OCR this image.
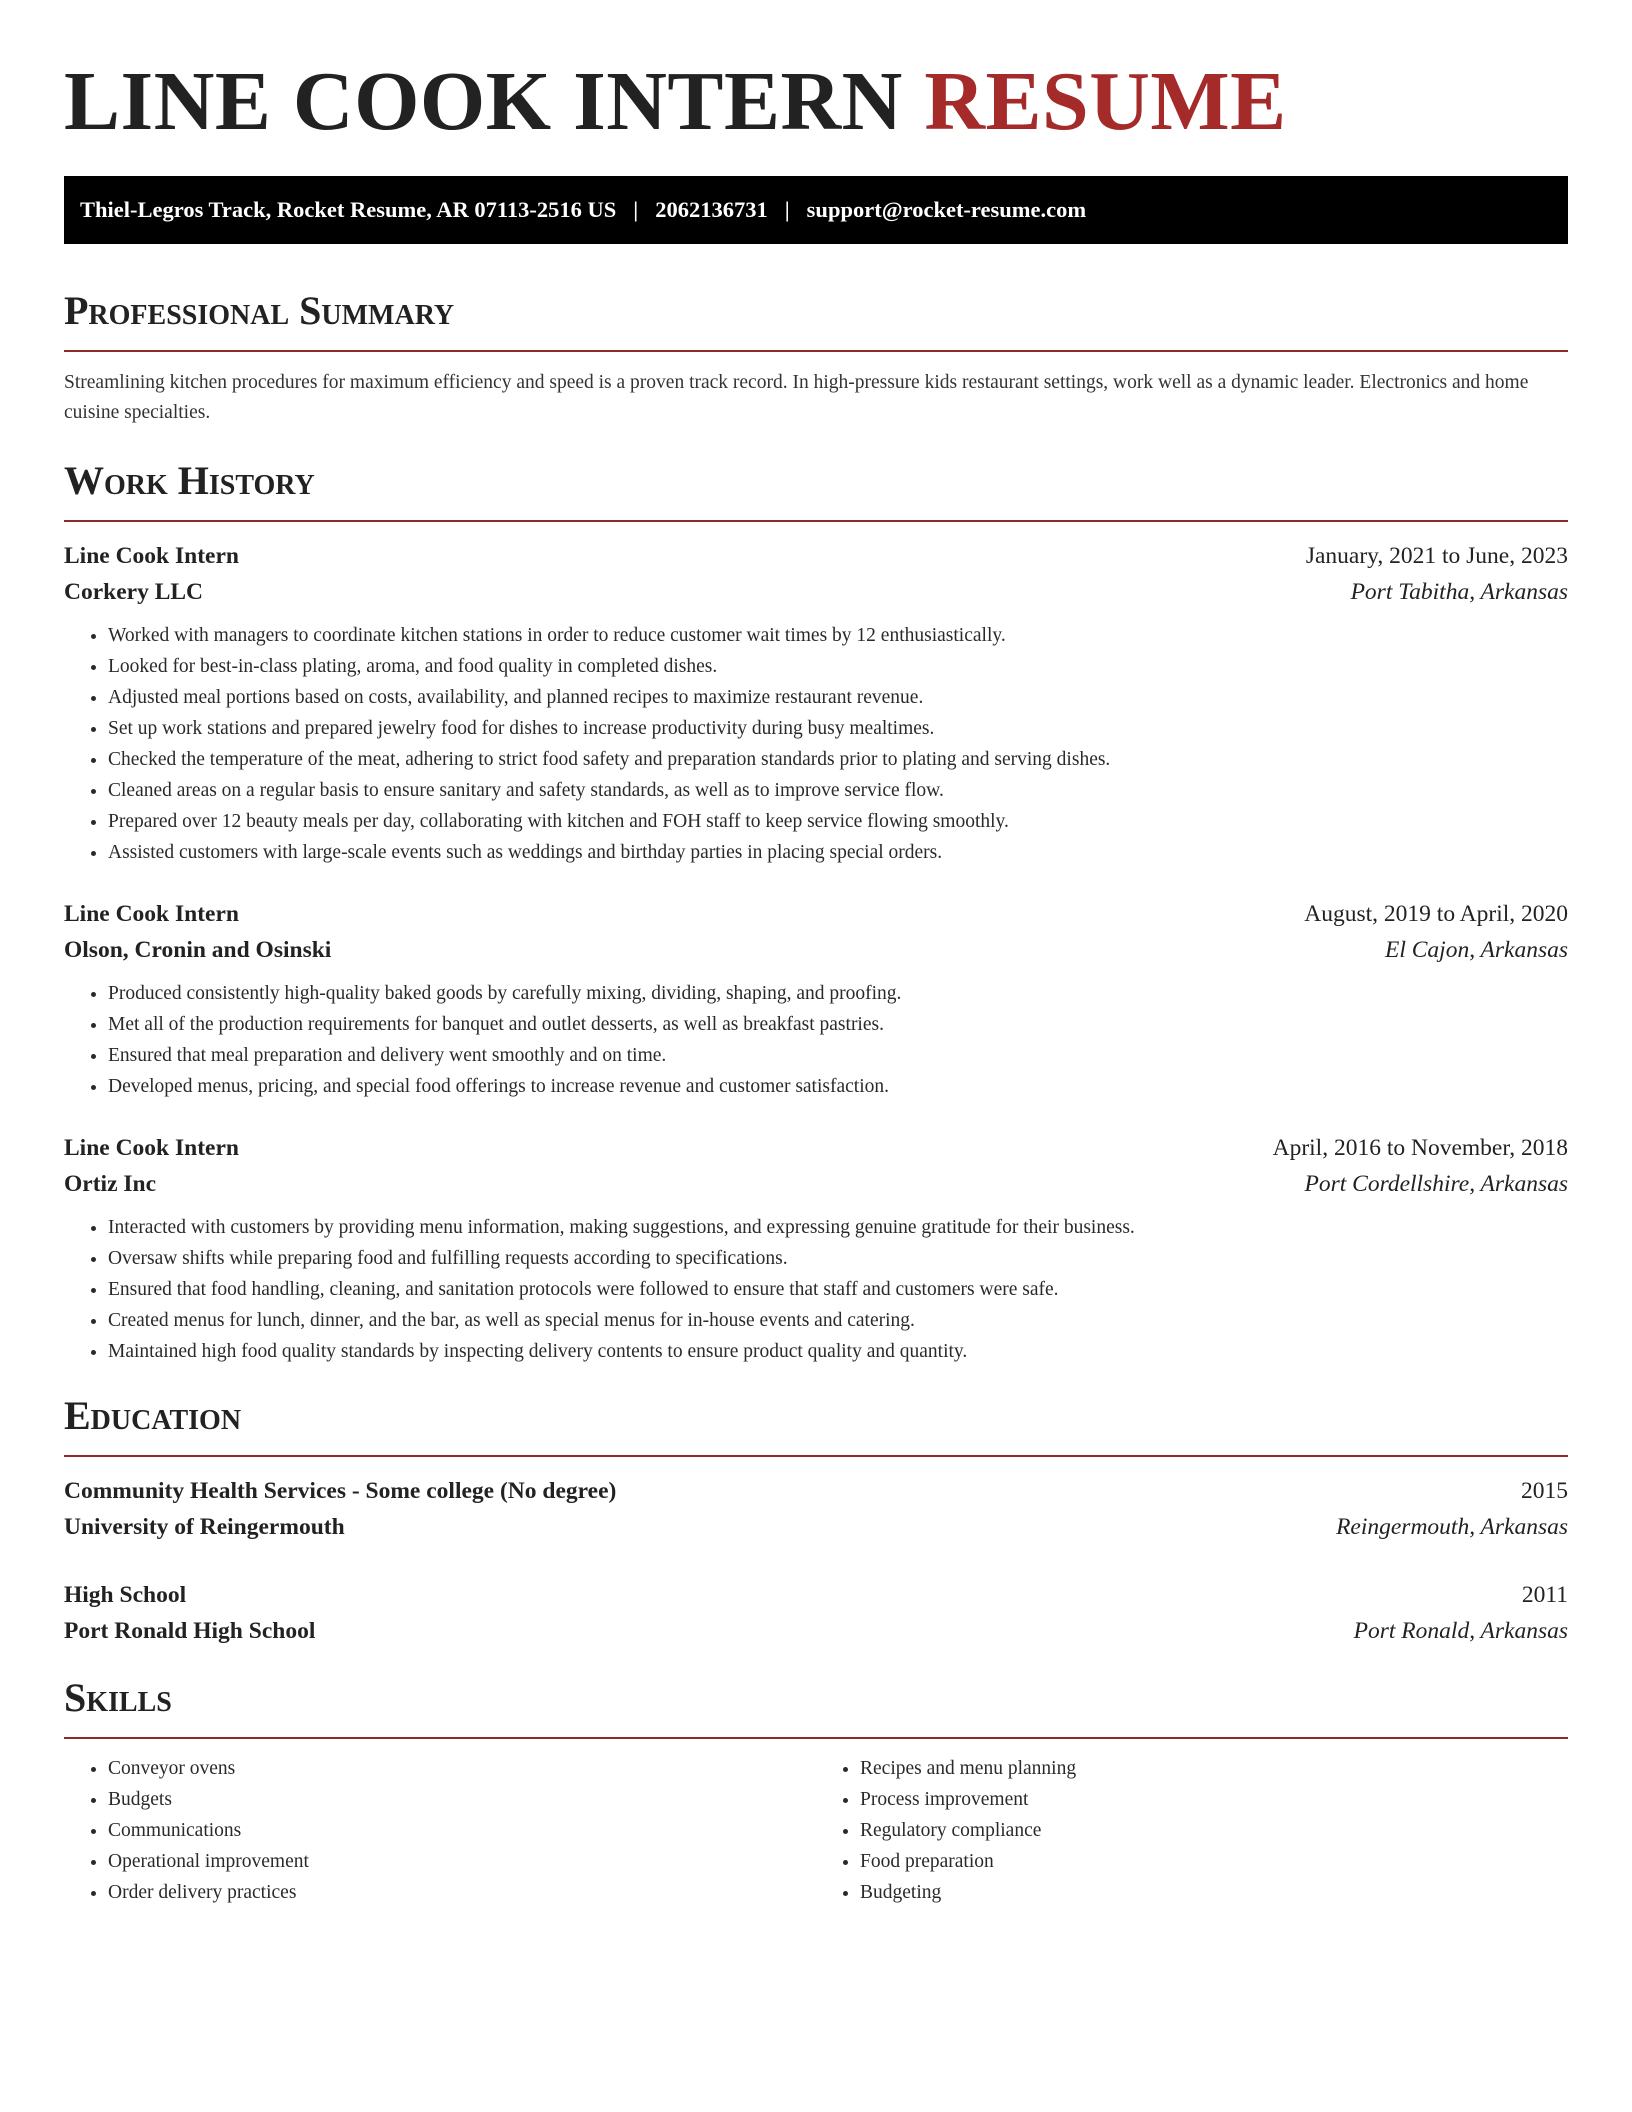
LINE COOK INTERN RESUME
Thiel-Legros Track, Rocket Resume, AR 07113-2516 US | 2062136731 | support@rocket-resume.com
Professional Summary

Streamlining kitchen procedures for maximum efficiency and speed is a proven track record. In high-pressure kids restaurant settings, work well as a dynamic leader. Electronics and home cuisine specialties.

Work History
Line Cook Intern	January, 2021 to June, 2023
Corkery LLC	Port Tabitha, Arkansas
• Worked with managers to coordinate kitchen stations in order to reduce customer wait times by 12 enthusiastically.
• Looked for best-in-class plating, aroma, and food quality in completed dishes.
• Adjusted meal portions based on costs, availability, and planned recipes to maximize restaurant revenue.
• Set up work stations and prepared jewelry food for dishes to increase productivity during busy mealtimes.
• Checked the temperature of the meat, adhering to strict food safety and preparation standards prior to plating and serving dishes.
• Cleaned areas on a regular basis to ensure sanitary and safety standards, as well as to improve service flow.
• Prepared over 12 beauty meals per day, collaborating with kitchen and FOH staff to keep service flowing smoothly.
• Assisted customers with large-scale events such as weddings and birthday parties in placing special orders.
Line Cook Intern	August, 2019 to April, 2020
Olson, Cronin and Osinski	El Cajon, Arkansas
• Produced consistently high-quality baked goods by carefully mixing, dividing, shaping, and proofing.
• Met all of the production requirements for banquet and outlet desserts, as well as breakfast pastries.
• Ensured that meal preparation and delivery went smoothly and on time.
• Developed menus, pricing, and special food offerings to increase revenue and customer satisfaction.
Line Cook Intern	April, 2016 to November, 2018
Ortiz Inc	Port Cordellshire, Arkansas
• Interacted with customers by providing menu information, making suggestions, and expressing genuine gratitude for their business.
• Oversaw shifts while preparing food and fulfilling requests according to specifications.
• Ensured that food handling, cleaning, and sanitation protocols were followed to ensure that staff and customers were safe.
• Created menus for lunch, dinner, and the bar, as well as special menus for in-house events and catering.
• Maintained high food quality standards by inspecting delivery contents to ensure product quality and quantity.
Education
Community Health Services - Some college (No degree)	2015
University of Reingermouth	Reingermouth, Arkansas
High School	2011
Port Ronald High School	Port Ronald, Arkansas
Skills
• Conveyor ovens
• Budgets
• Communications
• Operational improvement
• Order delivery practices
• Recipes and menu planning
• Process improvement
• Regulatory compliance
• Food preparation
• Budgeting
